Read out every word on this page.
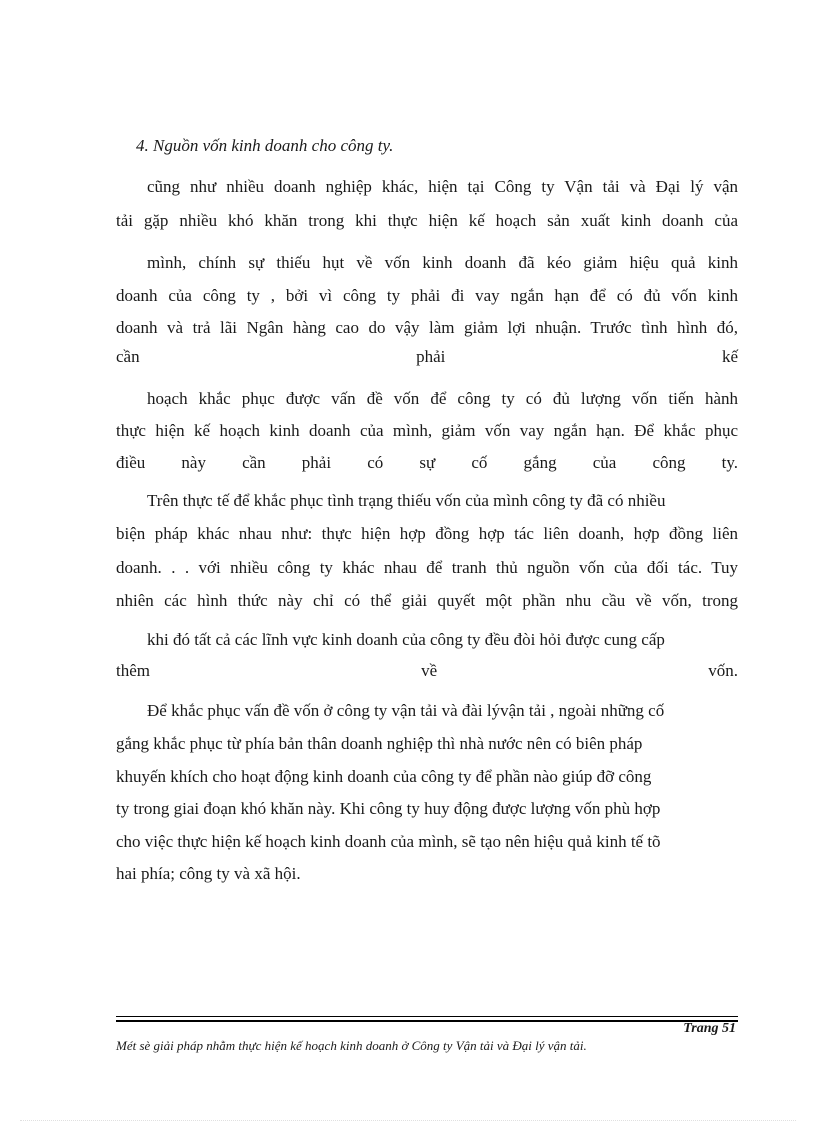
4. Nguồn vốn kinh doanh cho công ty.
cũng như nhiều doanh nghiệp khác, hiện tại Công ty Vận tải và Đại lý vận
tải gặp nhiều khó khăn trong khi thực hiện kế hoạch sản xuất kinh doanh của
mình, chính sự thiếu hụt về vốn kinh doanh đã kéo giảm hiệu quả kinh
doanh của công ty , bởi vì công ty phải đi vay ngắn hạn để có đủ vốn kinh
doanh và trả lãi Ngân hàng cao do vậy làm giảm lợi nhuận. Trước tình hình đó,
cần phải kế
hoạch khắc phục được vấn đề vốn để công ty có đủ lượng vốn tiến hành
thực hiện kế hoạch kinh doanh của mình, giảm vốn vay ngắn hạn. Để khắc phục
điều này cần phải có sự cố gắng của công ty.
Trên thực tế để khắc phục tình trạng thiếu vốn của mình công ty đã có nhiều
biện pháp khác nhau như: thực hiện hợp đồng hợp tác liên doanh, hợp đồng liên
doanh. . . với nhiều công ty khác nhau để tranh thủ nguồn vốn của đối tác. Tuy
nhiên các hình thức này chỉ có thể giải quyết một phần nhu cầu về vốn, trong
khi đó tất cả các lĩnh vực kinh doanh của công ty đều đòi hỏi được cung cấp
thêm về vốn.
Để khắc phục vấn đề vốn ở công ty vận tải và đài lývận tải , ngoài những cố
gắng khắc phục từ phía bản thân doanh nghiệp thì nhà nước nên có biên pháp
khuyến khích cho hoạt động kinh doanh của công ty để phần nào giúp đỡ công
ty trong giai đoạn khó khăn này. Khi công ty huy động được lượng vốn phù hợp
cho việc thực hiện kế hoạch kinh doanh của mình, sẽ tạo nên hiệu quả kinh tế tõ
hai phía; công ty và xã hội.
Trang 51
Mét sè giải pháp nhằm thực hiện kế hoạch kinh doanh ở Công ty Vận tải và Đại lý vận tải.
